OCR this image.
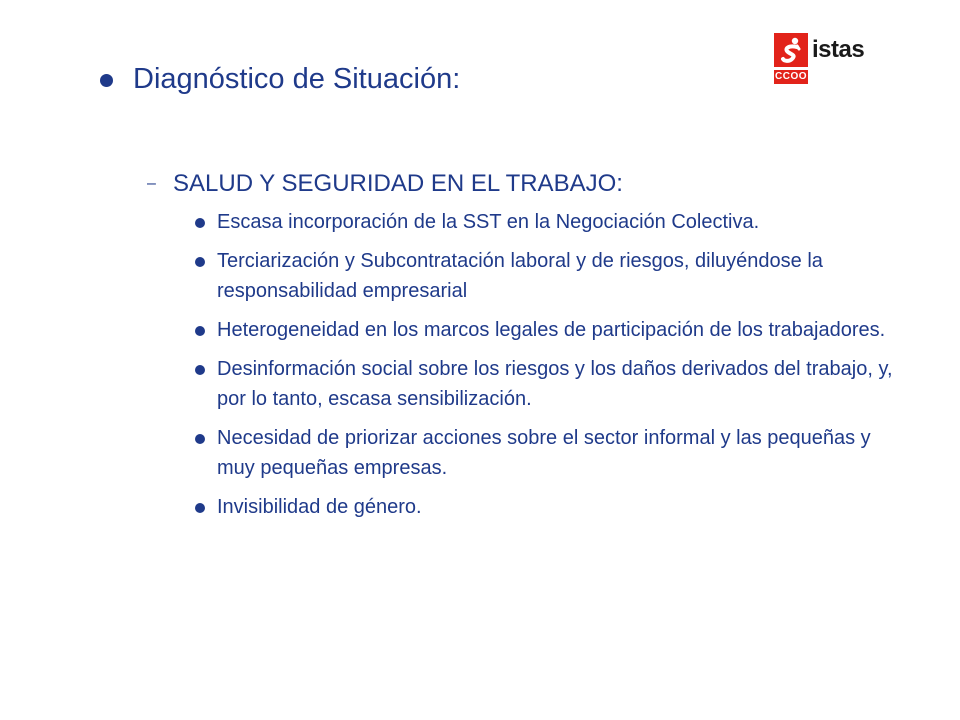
CCOO
istas
Diagnóstico de Situación:
– SALUD Y SEGURIDAD EN EL TRABAJO:
Escasa incorporación de la SST en la Negociación Colectiva.
Terciarización y Subcontratación laboral y de riesgos, diluyéndose la responsabilidad empresarial
Heterogeneidad en los marcos legales de participación de los trabajadores.
Desinformación social sobre los riesgos y los daños derivados del trabajo, y, por lo tanto, escasa sensibilización.
Necesidad de priorizar acciones sobre el sector informal y las pequeñas y muy pequeñas empresas.
Invisibilidad de género.
